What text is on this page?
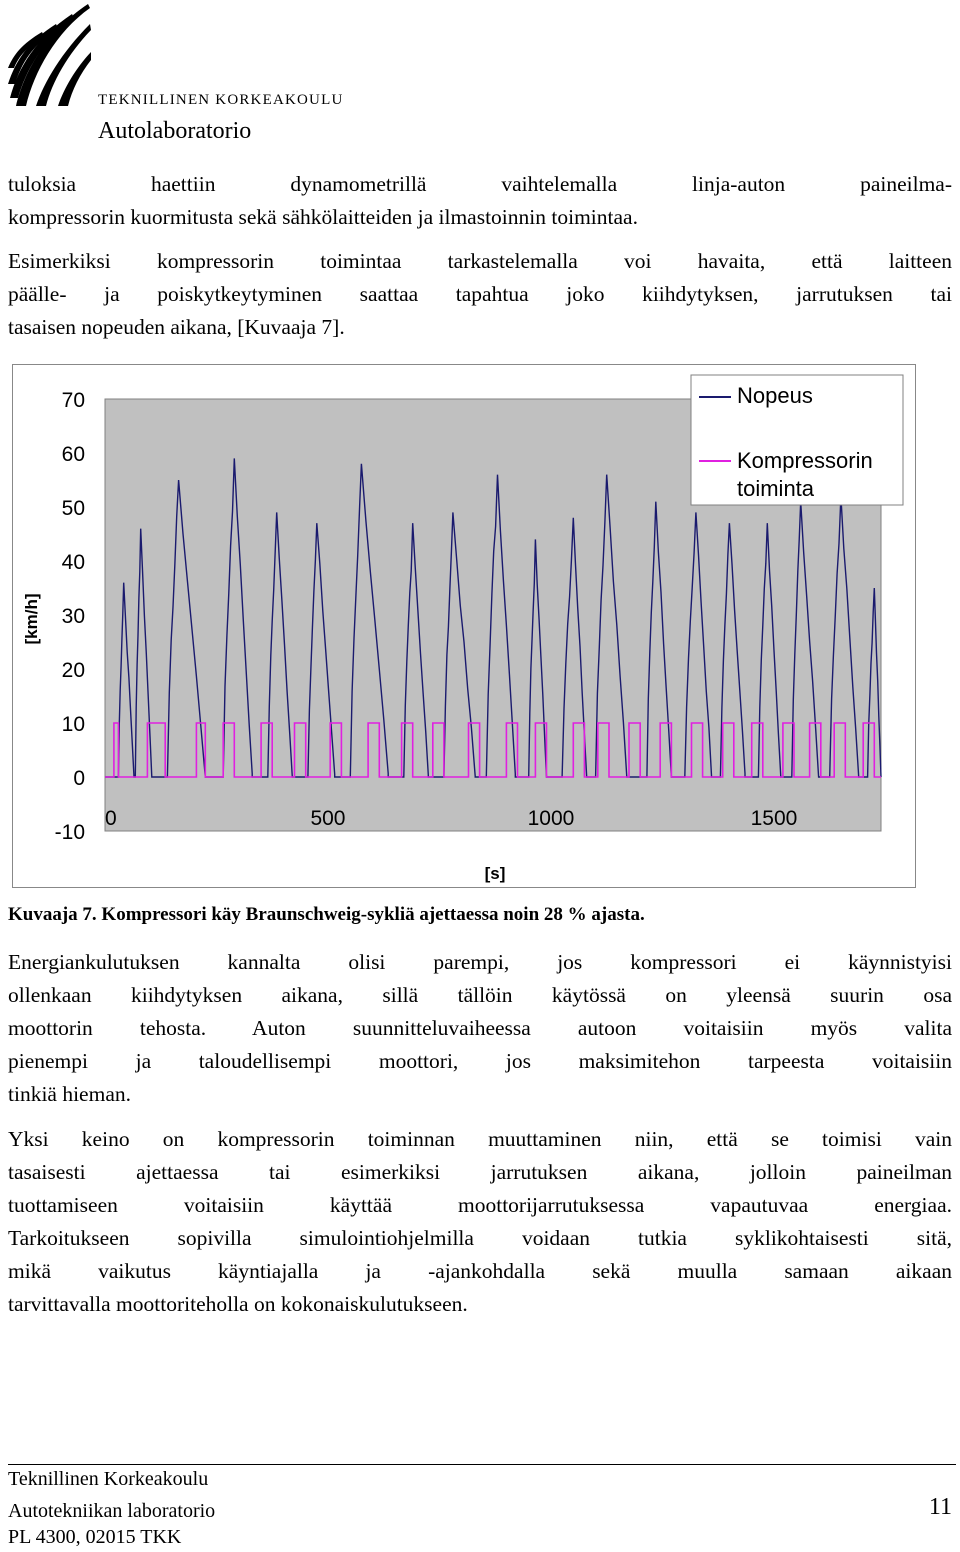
TEKNILLINEN KORKEAKOULU
Autolaboratorio
tuloksia haettiin dynamometrillä vaihtelemalla linja-auton paineilma-
kompressorin kuormitusta sekä sähkölaitteiden ja ilmastoinnin toimintaa.
Esimerkiksi kompressorin toimintaa tarkastelemalla voi havaita, että laitteen
päälle- ja poiskytkeytyminen saattaa tapahtua joko kiihdytyksen, jarrutuksen tai
tasaisen nopeuden aikana, [Kuvaaja 7].
70
60
50
40
30
20
10
0
-10
0	500	1000	1500
[s]
[km/h]
Nopeus
Kompressorin
toiminta
Kuvaaja 7. Kompressori käy Braunschweig-sykliä ajettaessa noin 28 % ajasta.
Energiankulutuksen kannalta olisi parempi, jos kompressori ei käynnistyisi
ollenkaan kiihdytyksen aikana, sillä tällöin käytössä on yleensä suurin osa
moottorin tehosta. Auton suunnitteluvaiheessa autoon voitaisiin myös valita
pienempi ja taloudellisempi moottori, jos maksimitehon tarpeesta voitaisiin
tinkiä hieman.
Yksi keino on kompressorin toiminnan muuttaminen niin, että se toimisi vain
tasaisesti ajettaessa tai esimerkiksi jarrutuksen aikana, jolloin paineilman
tuottamiseen voitaisiin käyttää moottorijarrutuksessa vapautuvaa energiaa.
Tarkoitukseen sopivilla simulointiohjelmilla voidaan tutkia syklikohtaisesti sitä,
mikä vaikutus käyntiajalla ja -ajankohdalla sekä muulla samaan aikaan
tarvittavalla moottoriteholla on kokonaiskulutukseen.
Teknillinen Korkeakoulu
Autotekniikan laboratorio
PL 4300, 02015 TKK
11
